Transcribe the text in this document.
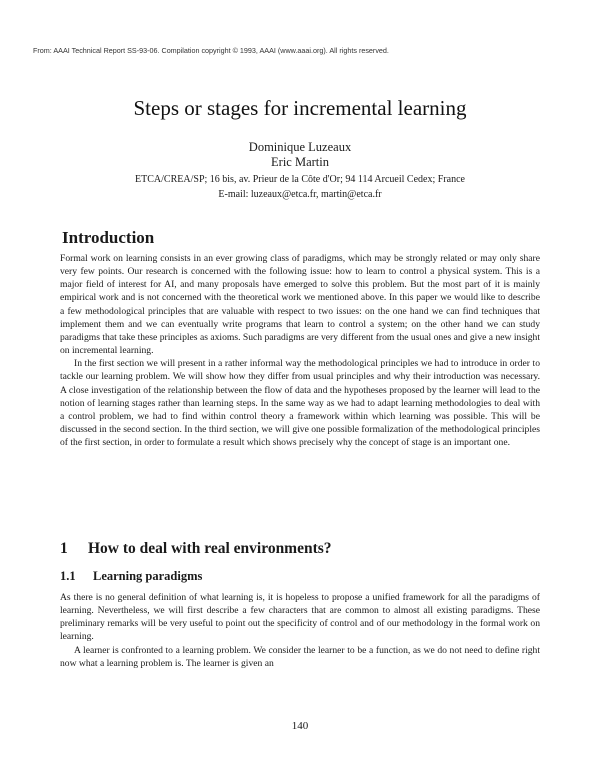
From: AAAI Technical Report SS-93-06. Compilation copyright © 1993, AAAI (www.aaai.org). All rights reserved.
Steps or stages for incremental learning
Dominique Luzeaux
Eric Martin
ETCA/CREA/SP; 16 bis, av. Prieur de la Côte d'Or; 94 114 Arcueil Cedex; France
E-mail: luzeaux@etca.fr, martin@etca.fr
Introduction

Formal work on learning consists in an ever growing class of paradigms, which may be strongly related or may only share very few points. Our research is concerned with the following issue: how to learn to control a physical system. This is a major field of interest for AI, and many proposals have emerged to solve this problem. But the most part of it is mainly empirical work and is not concerned with the theoretical work we mentioned above. In this paper we would like to describe a few methodological principles that are valuable with respect to two issues: on the one hand we can find techniques that implement them and we can eventually write programs that learn to control a system; on the other hand we can study paradigms that take these principles as axioms. Such paradigms are very different from the usual ones and give a new insight on incremental learning.

In the first section we will present in a rather informal way the methodological principles we had to introduce in order to tackle our learning problem. We will show how they differ from usual principles and why their introduction was necessary. A close investigation of the relationship between the flow of data and the hypotheses proposed by the learner will lead to the notion of learning stages rather than learning steps. In the same way as we had to adapt learning methodologies to deal with a control problem, we had to find within control theory a framework within which learning was possible. This will be discussed in the second section. In the third section, we will give one possible formalization of the methodological principles of the first section, in order to formulate a result which shows precisely why the concept of stage is an important one.

1 How to deal with real environments?
1.1 Learning paradigms

As there is no general definition of what learning is, it is hopeless to propose a unified framework for all the paradigms of learning. Nevertheless, we will first describe a few characters that are common to almost all existing paradigms. These preliminary remarks will be very useful to point out the specificity of control and of our methodology in the formal work on learning.

A learner is confronted to a learning problem. We consider the learner to be a function, as we do not need to define right now what a learning problem is. The learner is given an

140
